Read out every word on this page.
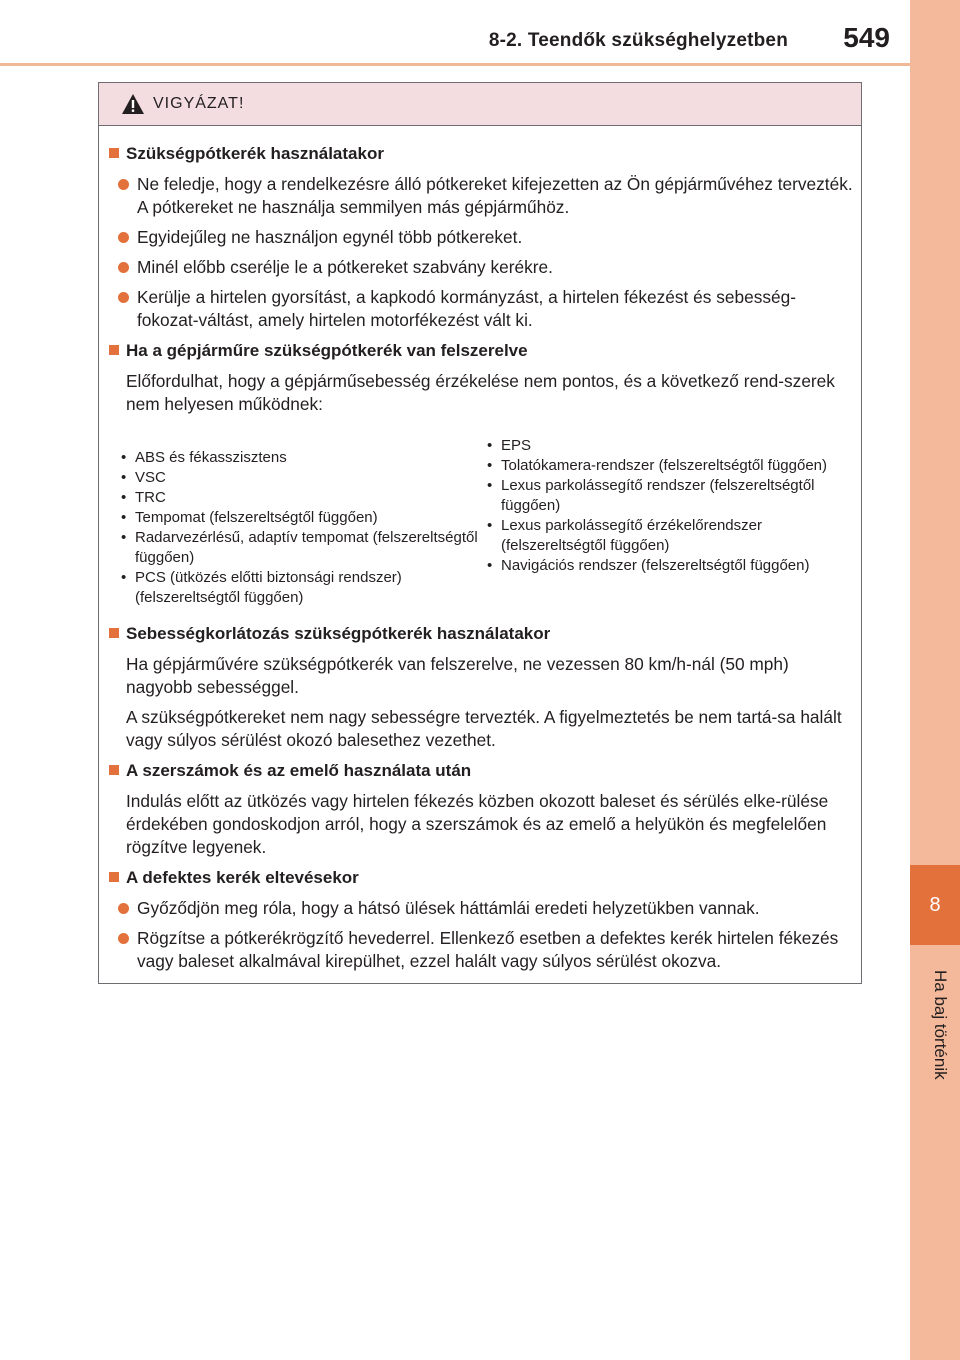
8-2. Teendők szükséghelyzetben 549
8
Ha baj történik
VIGYÁZAT!
Szükségpótkerék használatakor
Ne feledje, hogy a rendelkezésre álló pótkereket kifejezetten az Ön gépjárművéhez tervezték. A pótkereket ne használja semmilyen más gépjárműhöz.
Egyidejűleg ne használjon egynél több pótkereket.
Minél előbb cserélje le a pótkereket szabvány kerékre.
Kerülje a hirtelen gyorsítást, a kapkodó kormányzást, a hirtelen fékezést és sebesség-fokozat-váltást, amely hirtelen motorfékezést vált ki.
Ha a gépjárműre szükségpótkerék van felszerelve
Előfordulhat, hogy a gépjárműsebesség érzékelése nem pontos, és a következő rend-szerek nem helyesen működnek:
• ABS és fékasszisztens
• VSC
• TRC
• Tempomat (felszereltségtől függően)
• Radarvezérlésű, adaptív tempomat (felszereltségtől függően)
• PCS (ütközés előtti biztonsági rendszer) (felszereltségtől függően)
• EPS
• Tolatókamera-rendszer (felszereltségtől függően)
• Lexus parkolássegítő rendszer (felszereltségtől függően)
• Lexus parkolássegítő érzékelőrendszer (felszereltségtől függően)
• Navigációs rendszer (felszereltségtől függően)
Sebességkorlátozás szükségpótkerék használatakor
Ha gépjárművére szükségpótkerék van felszerelve, ne vezessen 80 km/h-nál (50 mph) nagyobb sebességgel.
A szükségpótkereket nem nagy sebességre tervezték. A figyelmeztetés be nem tartá-sa halált vagy súlyos sérülést okozó balesethez vezethet.
A szerszámok és az emelő használata után
Indulás előtt az ütközés vagy hirtelen fékezés közben okozott baleset és sérülés elke-rülése érdekében gondoskodjon arról, hogy a szerszámok és az emelő a helyükön és megfelelően rögzítve legyenek.
A defektes kerék eltevésekor
Győződjön meg róla, hogy a hátsó ülések háttámlái eredeti helyzetükben vannak.
Rögzítse a pótkerékrögzítő hevederrel. Ellenkező esetben a defektes kerék hirtelen fékezés vagy baleset alkalmával kirepülhet, ezzel halált vagy súlyos sérülést okozva.
